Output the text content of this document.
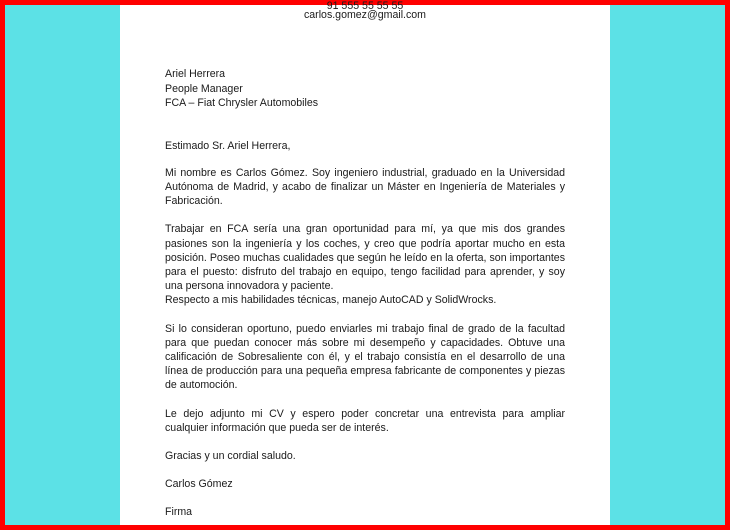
91 555 55 55 55
carlos.gomez@gmail.com
Ariel Herrera
People Manager
FCA – Fiat Chrysler Automobiles
Estimado Sr. Ariel Herrera,

Mi nombre es Carlos Gómez. Soy ingeniero industrial, graduado en la Universidad Autónoma de Madrid, y acabo de finalizar un Máster en Ingeniería de Materiales y Fabricación.

Trabajar en FCA sería una gran oportunidad para mí, ya que mis dos grandes pasiones son la ingeniería y los coches, y creo que podría aportar mucho en esta posición. Poseo muchas cualidades que según he leído en la oferta, son importantes para el puesto: disfruto del trabajo en equipo, tengo facilidad para aprender, y soy una persona innovadora y paciente.

Respecto a mis habilidades técnicas, manejo AutoCAD y SolidWrocks.

Si lo consideran oportuno, puedo enviarles mi trabajo final de grado de la facultad para que puedan conocer más sobre mi desempeño y capacidades. Obtuve una calificación de Sobresaliente con él, y el trabajo consistía en el desarrollo de una línea de producción para una pequeña empresa fabricante de componentes y piezas de automoción.

Le dejo adjunto mi CV y espero poder concretar una entrevista para ampliar cualquier información que pueda ser de interés.

Gracias y un cordial saludo.
Carlos Gómez
Firma
